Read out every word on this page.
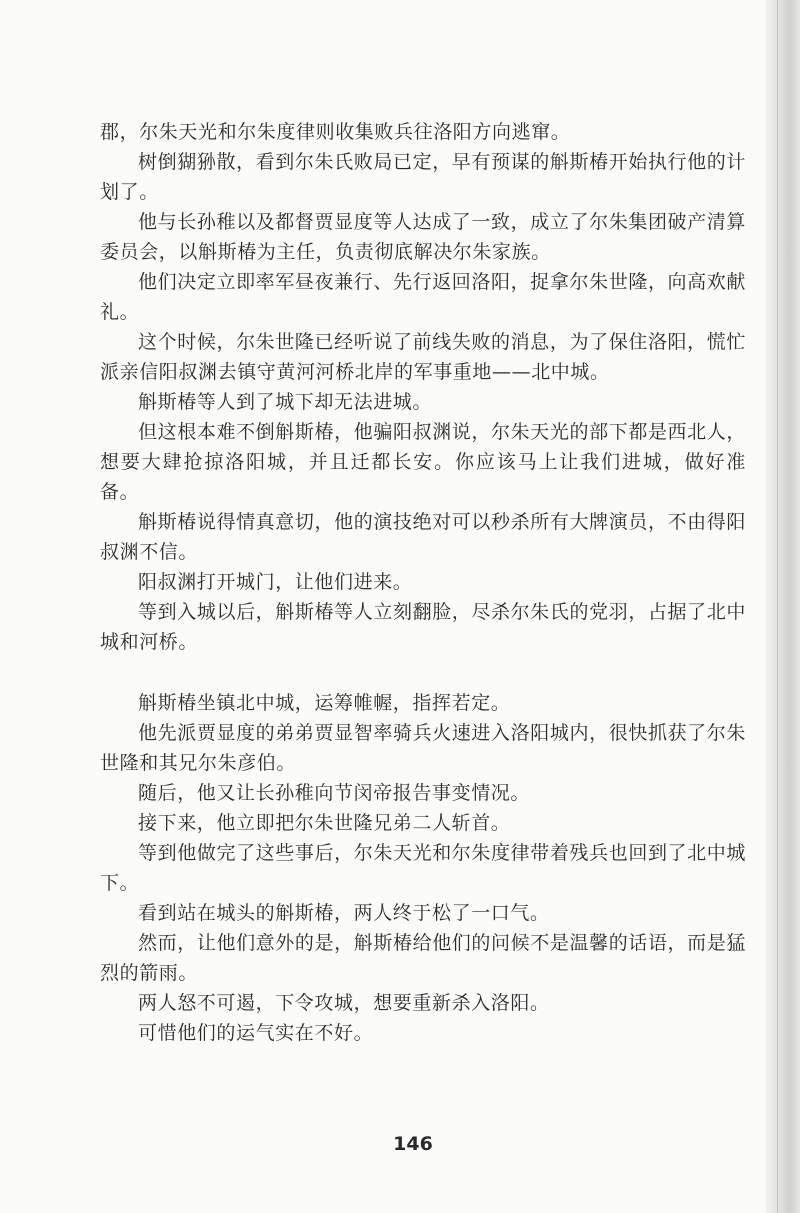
郡，尔朱天光和尔朱度律则收集败兵往洛阳方向逃窜。

树倒猢狲散，看到尔朱氏败局已定，早有预谋的斛斯椿开始执行他的计划了。

他与长孙稚以及都督贾显度等人达成了一致，成立了尔朱集团破产清算委员会，以斛斯椿为主任，负责彻底解决尔朱家族。

他们决定立即率军昼夜兼行、先行返回洛阳，捉拿尔朱世隆，向高欢献礼。

这个时候，尔朱世隆已经听说了前线失败的消息，为了保住洛阳，慌忙派亲信阳叔渊去镇守黄河河桥北岸的军事重地——北中城。

斛斯椿等人到了城下却无法进城。

但这根本难不倒斛斯椿，他骗阳叔渊说，尔朱天光的部下都是西北人，想要大肆抢掠洛阳城，并且迁都长安。你应该马上让我们进城，做好准备。

斛斯椿说得情真意切，他的演技绝对可以秒杀所有大牌演员，不由得阳叔渊不信。

阳叔渊打开城门，让他们进来。

等到入城以后，斛斯椿等人立刻翻脸，尽杀尔朱氏的党羽，占据了北中城和河桥。

斛斯椿坐镇北中城，运筹帷幄，指挥若定。

他先派贾显度的弟弟贾显智率骑兵火速进入洛阳城内，很快抓获了尔朱世隆和其兄尔朱彦伯。

随后，他又让长孙稚向节闵帝报告事变情况。

接下来，他立即把尔朱世隆兄弟二人斩首。

等到他做完了这些事后，尔朱天光和尔朱度律带着残兵也回到了北中城下。

看到站在城头的斛斯椿，两人终于松了一口气。

然而，让他们意外的是，斛斯椿给他们的问候不是温馨的话语，而是猛烈的箭雨。

两人怒不可遏，下令攻城，想要重新杀入洛阳。

可惜他们的运气实在不好。

146
